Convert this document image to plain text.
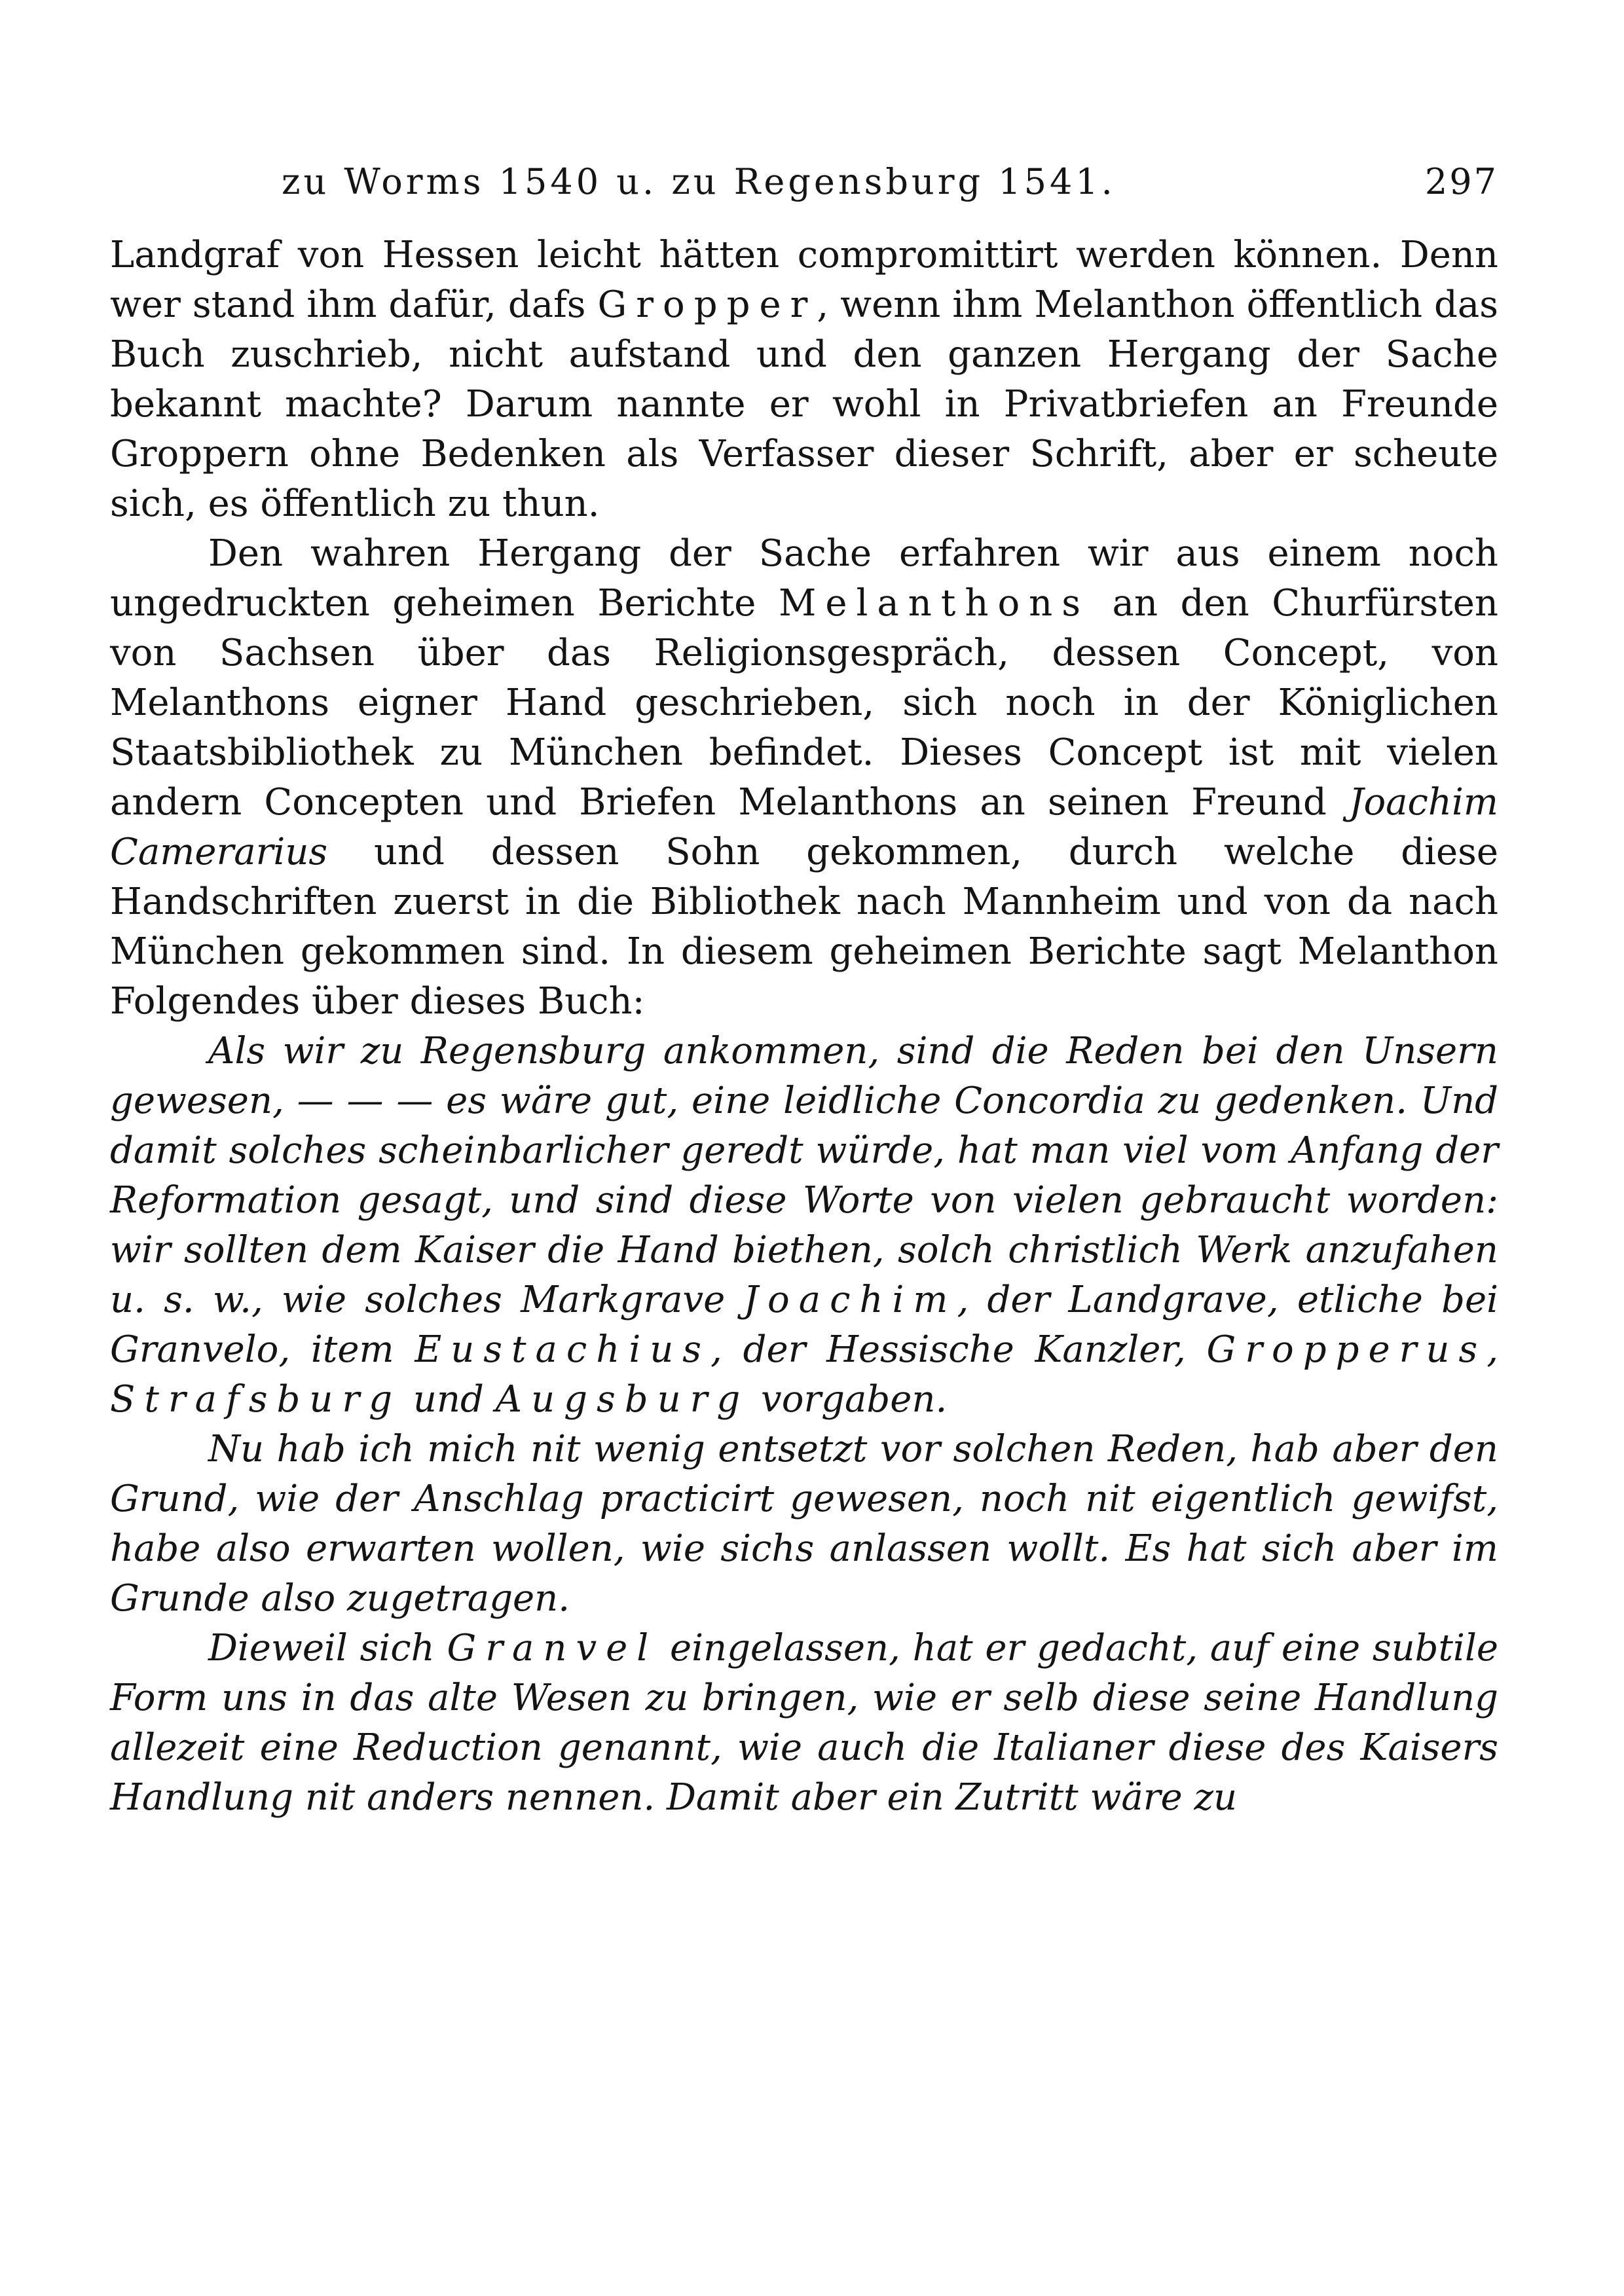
zu Worms 1540 u. zu Regensburg 1541.	297

Landgraf von Hessen leicht hätten compromittirt werden können. Denn wer stand ihm dafür, dafs Gropper, wenn ihm Melanthon öffentlich das Buch zuschrieb, nicht aufstand und den ganzen Hergang der Sache bekannt machte? Darum nannte er wohl in Privatbriefen an Freunde Groppern ohne Bedenken als Verfasser dieser Schrift, aber er scheute sich, es öffentlich zu thun.

Den wahren Hergang der Sache erfahren wir aus einem noch ungedruckten geheimen Berichte Melanthons an den Churfürsten von Sachsen über das Religionsgespräch, dessen Concept, von Melanthons eigner Hand geschrieben, sich noch in der Königlichen Staatsbibliothek zu München befindet. Dieses Concept ist mit vielen andern Concepten und Briefen Melanthons an seinen Freund Joachim Camerarius und dessen Sohn gekommen, durch welche diese Handschriften zuerst in die Bibliothek nach Mannheim und von da nach München gekommen sind. In diesem geheimen Berichte sagt Melanthon Folgendes über dieses Buch:

Als wir zu Regensburg ankommen, sind die Reden bei den Unsern gewesen, — — — es wäre gut, eine leidliche Concordia zu gedenken. Und damit solches scheinbarlicher geredt würde, hat man viel vom Anfang der Reformation gesagt, und sind diese Worte von vielen gebraucht worden: wir sollten dem Kaiser die Hand biethen, solch christlich Werk anzufahen u. s. w., wie solches Markgrave Joachim, der Landgrave, etliche bei Granvelo, item Eustachius, der Hessische Kanzler, Gropperus, Strafsburg und Augsburg vorgaben.

Nu hab ich mich nit wenig entsetzt vor solchen Reden, hab aber den Grund, wie der Anschlag practicirt gewesen, noch nit eigentlich gewifst, habe also erwarten wollen, wie sichs anlassen wollt. Es hat sich aber im Grunde also zugetragen.

Dieweil sich Granvel eingelassen, hat er gedacht, auf eine subtile Form uns in das alte Wesen zu bringen, wie er selb diese seine Handlung allezeit eine Reduction genannt, wie auch die Italianer diese des Kaisers Handlung nit anders nennen. Damit aber ein Zutritt wäre zu
